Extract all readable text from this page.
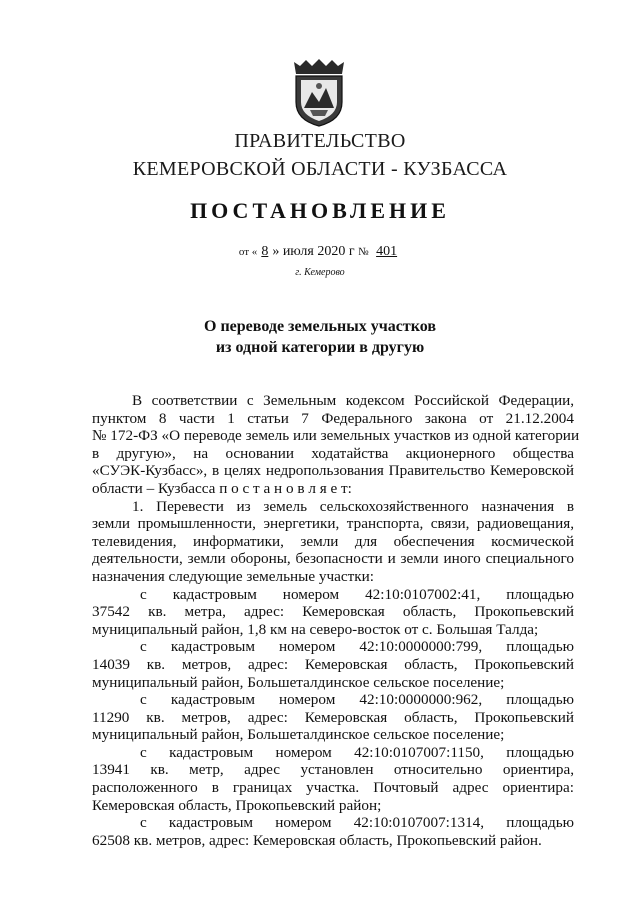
ПРАВИТЕЛЬСТВО
КЕМЕРОВСКОЙ ОБЛАСТИ - КУЗБАССА
ПОСТАНОВЛЕНИЕ
от « 8 » июля 2020 г № 401
г. Кемерово
О переводе земельных участков
из одной категории в другую
В соответствии с Земельным кодексом Российской Федерации,
пунктом 8 части 1 статьи 7 Федерального закона от 21.12.2004
№ 172-ФЗ «О переводе земель или земельных участков из одной категории
в другую», на основании ходатайства акционерного общества
«СУЭК-Кузбасс», в целях недропользования Правительство Кемеровской
области – Кузбасса п о с т а н о в л я е т:
1. Перевести из земель сельскохозяйственного назначения в
земли промышленности, энергетики, транспорта, связи, радиовещания,
телевидения, информатики, земли для обеспечения космической
деятельности, земли обороны, безопасности и земли иного специального
назначения следующие земельные участки:
с кадастровым номером 42:10:0107002:41, площадью
37542 кв. метра, адрес: Кемеровская область, Прокопьевский
муниципальный район, 1,8 км на северо-восток от с. Большая Талда;
с кадастровым номером 42:10:0000000:799, площадью
14039 кв. метров, адрес: Кемеровская область, Прокопьевский
муниципальный район, Большеталдинское сельское поселение;
с кадастровым номером 42:10:0000000:962, площадью
11290 кв. метров, адрес: Кемеровская область, Прокопьевский
муниципальный район, Большеталдинское сельское поселение;
с кадастровым номером 42:10:0107007:1150, площадью
13941 кв. метр, адрес установлен относительно ориентира,
расположенного в границах участка. Почтовый адрес ориентира:
Кемеровская область, Прокопьевский район;
с кадастровым номером 42:10:0107007:1314, площадью
62508 кв. метров, адрес: Кемеровская область, Прокопьевский район.
